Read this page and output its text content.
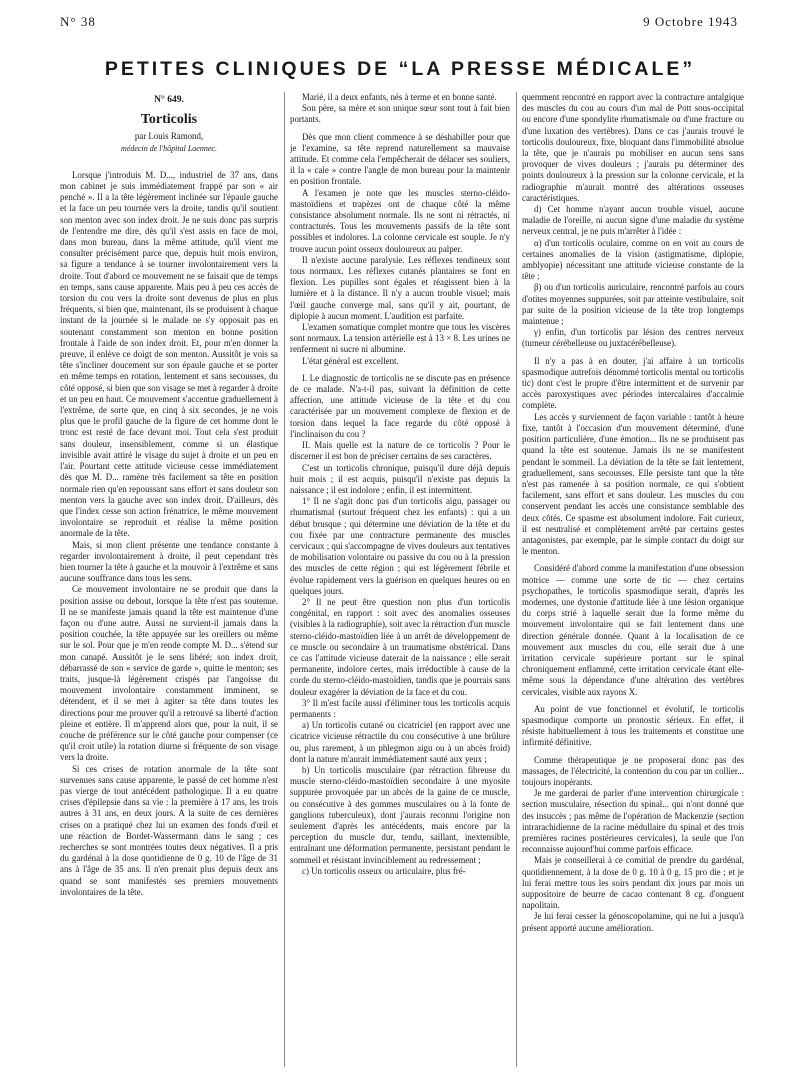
N° 38	9 Octobre 1943
PETITES CLINIQUES DE “LA PRESSE MÉDICALE”
N° 649.
Torticolis
par Louis Ramond,
médecin de l'hôpital Laennec.

Lorsque j'introduis M. D..., industriel de 37 ans, dans mon cabinet je suis immédiatement frappé par son « air penché ». Il a la tête légèrement inclinée sur l'épaule gauche et la face un peu tournée vers la droite, tandis qu'il soutient son menton avec son index droit. Je ne suis donc pas surpris de l'entendre me dire, dès qu'il s'est assis en face de moi, dans mon bureau, dans la même attitude, qu'il vient me consulter précisément parce que, depuis huit mois environ, sa figure a tendance à se tourner involontairement vers la droite. Tout d'abord ce mouvement ne se faisait que de temps en temps, sans cause apparente. Mais peu à peu ces accès de torsion du cou vers la droite sont devenus de plus en plus fréquents, si bien que, maintenant, ils se produisent à chaque instant de la journée si le malade ne s'y opposait pas en soutenant constamment son menton en bonne position frontale à l'aide de son index droit. Et, pour m'en donner la preuve, il enlève ce doigt de son menton. Aussitôt je vois sa tête s'incliner doucement sur son épaule gauche et se porter en même temps en rotation, lentement et sans secousses, du côté opposé, si bien que son visage se met à regarder à droite et un peu en haut. Ce mouvement s'accentue graduellement à l'extrême, de sorte que, en cinq à six secondes, je ne vois plus que le profil gauche de la figure de cet homme dont le tronc est resté de face devant moi. Tout cela s'est produit sans douleur, insensiblement, comme si un élastique invisible avait attiré le visage du sujet à droite et un peu en l'air. Pourtant cette attitude vicieuse cesse immédiatement dès que M. D... ramène très facilement sa tête en position normale rien qu'en repoussant sans effort et sans douleur son menton vers la gauche avec son index droit. D'ailleurs, dès que l'index cesse son action frénatrice, le même mouvement involontaire se reproduit et réalise la même position anormale de la tête.

Mais, si mon client présente une tendance constante à regarder involontairement à droite, il peut cependant très bien tourner la tête à gauche et la mouvoir à l'extrême et sans aucune souffrance dans tous les sens.

Ce mouvement involontaire ne se produit que dans la position assise ou debout, lorsque la tête n'est pas soutenue. Il ne se manifeste jamais quand la tête est maintenue d'une façon ou d'une autre. Aussi ne survient-il jamais dans la position couchée, la tête appuyée sur les oreillers ou même sur le sol. Pour que je m'en rende compte M. D... s'étend sur mon canapé. Aussitôt je le sens libéré; son index droit, débarrassé de son « service de garde », quitte le menton; ses traits, jusque-là légèrement crispés par l'angoisse du mouvement involontaire constamment imminent, se détendent, et il se met à agiter sa tête dans toutes les directions pour me prouver qu'il a retrouvé sa liberté d'action pleine et entière. Il m'apprend alors que, pour la nuit, il se couche de préférence sur le côté gauche pour compenser (ce qu'il croit utile) la rotation diurne si fréquente de son visage vers la droite.

Si ces crises de rotation anormale de la tête sont survenues sans cause apparente, le passé de cet homme n'est pas vierge de tout antécédent pathologique. Il a eu quatre crises d'épilepsie dans sa vie : la première à 17 ans, les trois autres à 31 ans, en deux jours. A la suite de ces dernières crises on a pratiqué chez lui un examen des fonds d'œil et une réaction de Bordet-Wassermann dans le sang ; ces recherches se sont montrées toutes deux négatives. Il a pris du gardénal à la dose quotidienne de 0 g. 10 de l'âge de 31 ans à l'âge de 35 ans. Il n'en prenait plus depuis deux ans quand se sont manifestés ses premiers mouvements involontaires de la tête.

Marié, il a deux enfants, nés à terme et en bonne santé.

Son père, sa mère et son unique sœur sont tout à fait bien portants.

Dès que mon client commence à se déshabiller pour que je l'examine, sa tête reprend naturellement sa mauvaise attitude. Et comme cela l'empêcherait de délacer ses souliers, il la « cale » contre l'angle de mon bureau pour la maintenir en position frontale.

A l'examen je note que les muscles sterno-cléido-mastoïdiens et trapèzes ont de chaque côté la même consistance absolument normale. Ils ne sont ni rétractés, ni contracturés. Tous les mouvements passifs de la tête sont possibles et indolores. La colonne cervicale est souple. Je n'y trouve aucun point osseux douloureux au palper.

Il n'existe aucune paralysie. Les réflexes tendineux sont tous normaux. Les réflexes cutanés plantaires se font en flexion. Les pupilles sont égales et réagissent bien à la lumière et à la distance. Il n'y a aucun trouble visuel; mais l'œil gauche converge mal, sans qu'il y ait, pourtant, de diplopie à aucun moment. L'audition est parfaite.

L'examen somatique complet montre que tous les viscères sont normaux. La tension artérielle est à 13 × 8. Les urines ne renferment ni sucre ni albumine.

L'état général est excellent.

I. Le diagnostic de torticolis ne se discute pas en présence de ce malade. N'a-t-il pas, suivant la définition de cette affection, une attitude vicieuse de la tête et du cou caractérisée par un mouvement complexe de flexion et de torsion dans lequel la face regarde du côté opposé à l'inclinaison du cou ?

II. Mais quelle est la nature de ce torticolis ? Pour le discerner il est bon de préciser certains de ses caractères.

C'est un torticolis chronique, puisqu'il dure déjà depuis huit mois ; il est acquis, puisqu'il n'existe pas depuis la naissance ; il est indolore ; enfin, il est intermittent.

1° Il ne s'agit donc pas d'un torticolis aigu, passager ou rhumatismal (surtout fréquent chez les enfants) : qui a un début brusque ; qui détermine une déviation de la tête et du cou fixée par une contracture permanente des muscles cervicaux ; qui s'accompagne de vives douleurs aux tentatives de mobilisation volontaire ou passive du cou ou à la pression des muscles de cette région ; qui est légèrement fébrile et évolue rapidement vers la guérison en quelques heures ou en quelques jours.

2° Il ne peut être question non plus d'un torticolis congénital, en rapport : soit avec des anomalies osseuses (visibles à la radiographie), soit avec la rétraction d'un muscle sterno-cléido-mastoïdien liée à un arrêt de développement de ce muscle ou secondaire à un traumatisme obstétrical. Dans ce cas l'attitude vicieuse daterait de la naissance ; elle serait permanente, indolore certes, mais irréductible à cause de la corde du sterno-cléido-mastoïdien, tandis que je pourrais sans douleur exagérer la déviation de la face et du cou.

3° Il m'est facile aussi d'éliminer tous les torticolis acquis permanents :

a) Un torticolis cutané ou cicatriciel (en rapport avec une cicatrice vicieuse rétractile du cou consécutive à une brûlure ou, plus rarement, à un phlegmon aigu ou à un abcès froid) dont la nature m'aurait immédiatement sauté aux yeux ;

b) Un torticolis musculaire (par rétraction fibreuse du muscle sterno-cléido-mastoïdien secondaire à une myosite suppurée provoquée par un abcès de la gaine de ce muscle, ou consécutive à des gommes musculaires ou à la fonte de ganglions tuberculeux), dont j'aurais reconnu l'origine non seulement d'après les antécédents, mais encore par la perception du muscle dur, tendu, saillant, inextensible, entraînant une déformation permanente, persistant pendant le sommeil et résistant invinciblement au redressement ;

c) Un torticolis osseux ou articulaire, plus fré-

quemment rencontré en rapport avec la contracture antalgique des muscles du cou au cours d'un mal de Pott sous-occipital ou encore d'une spondylite rhumatismale ou d'une fracture ou d'une luxation des vertèbres). Dans ce cas j'aurais trouvé le torticolis douloureux, fixe, bloquant dans l'immobilité absolue la tête, que je n'aurais pu mobiliser en aucun sens sans provoquer de vives douleurs ; j'aurais pu déterminer des points douloureux à la pression sur la colonne cervicale, et la radiographie m'aurait montré des altérations osseuses caractéristiques.

d) Cet homme n'ayant aucun trouble visuel, aucune maladie de l'oreille, ni aucun signe d'une maladie du système nerveux central, je ne puis m'arrêter à l'idée :

α) d'un torticolis oculaire, comme on en voit au cours de certaines anomalies de la vision (astigmatisme, diplopie, amblyopie) nécessitant une attitude vicieuse constante de la tête ;

β) ou d'un torticolis auriculaire, rencontré parfois au cours d'otites moyennes suppurées, soit par atteinte vestibulaire, soit par suite de la position vicieuse de la tête trop longtemps maintenue ;

γ) enfin, d'un torticolis par lésion des centres nerveux (tumeur cérébelleuse ou juxtacérébelleuse).

Il n'y a pas à en douter, j'ai affaire à un torticolis spasmodique autrefois dénommé torticolis mental ou torticolis tic) dont c'est le propre d'être intermittent et de survenir par accès paroxystiques avec périodes intercalaires d'accalmie complète.

Les accès y surviennent de façon variable : tantôt à heure fixe, tantôt à l'occasion d'un mouvement déterminé, d'une position particulière, d'une émotion... Ils ne se produisent pas quand la tête est soutenue. Jamais ils ne se manifestent pendant le sommeil. La déviation de la tête se fait lentement, graduellement, sans secousses. Elle persiste tant que la tête n'est pas ramenée à sa position normale, ce qui s'obtient facilement, sans effort et sans douleur. Les muscles du cou conservent pendant les accès une consistance semblable des deux côtés. Ce spasme est absolument indolore. Fait curieux, il est neutralisé et complètement arrêté par certains gestes antagonistes, par exemple, par le simple contact du doigt sur le menton.

Considéré d'abord comme la manifestation d'une obsession motrice — comme une sorte de tic — chez certains psychopathes, le torticolis spasmodique serait, d'après les modernes, une dystonie d'attitude liée à une lésion organique du corps strié à laquelle serait due la forme même du mouvement involontaire qui se fait lentement dans une direction générale donnée. Quant à la localisation de ce mouvement aux muscles du cou, elle serait due à une irritation cervicale supérieure portant sur le spinal chroniquement enflammé, cette irritation cervicale étant elle-même sous la dépendance d'une altération des vertèbres cervicales, visible aux rayons X.

Au point de vue fonctionnel et évolutif, le torticolis spasmodique comporte un pronostic sérieux. En effet, il résiste habituellement à tous les traitements et constitue une infirmité définitive.

Comme thérapeutique je ne proposerai donc pas des massages, de l'électricité, la contention du cou par un collier... toujours inopérants.

Je me garderai de parler d'une intervention chirurgicale : section musculaire, résection du spinal... qui n'ont donné que des insuccès ; pas même de l'opération de Mackenzie (section intrarachidienne de la racine médullaire du spinal et des trois premières racines postérieures cervicales), la seule que l'on reconnaisse aujourd'hui comme parfois efficace.

Mais je conseillerai à ce comitial de prendre du gardénal, quotidiennement, à la dose de 0 g. 10 à 0 g. 15 pro die ; et je lui ferai mettre tous les soirs pendant dix jours par mois un suppositoire de beurre de cacao contenant 8 cg. d'onguent napolitain.

Je lui ferai cesser la génoscopolamine, qui ne lui a jusqu'à présent apporté aucune amélioration.
